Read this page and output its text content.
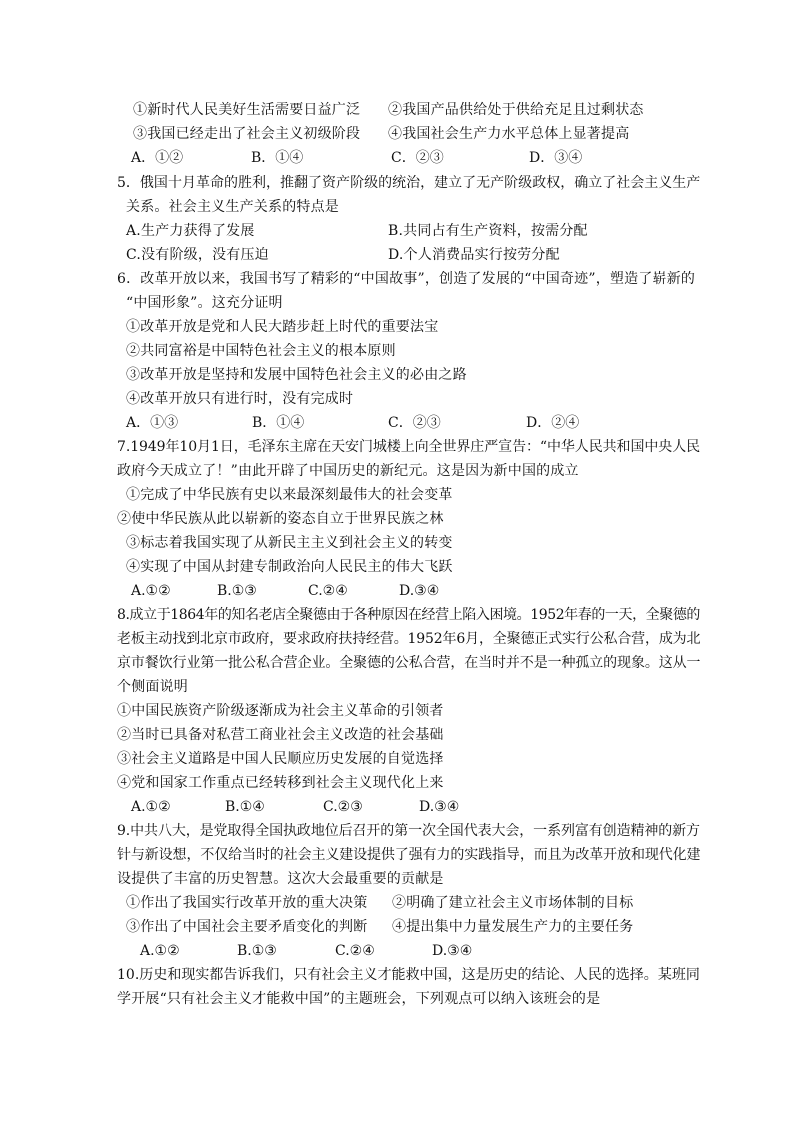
①新时代人民美好生活需要日益广泛 ②我国产品供给处于供给充足且过剩状态
③我国已经走出了社会主义初级阶段 ④我国社会生产力水平总体上显著提高
A．①②	B．①④	C．②③	D．③④
5．俄国十月革命的胜利，推翻了资产阶级的统治，建立了无产阶级政权，确立了社会主义生产
关系。社会主义生产关系的特点是
A.生产力获得了发展	B.共同占有生产资料，按需分配
C.没有阶级，没有压迫	D.个人消费品实行按劳分配
6．改革开放以来，我国书写了精彩的“中国故事”，创造了发展的“中国奇迹”，塑造了崭新的
“中国形象”。这充分证明
①改革开放是党和人民大踏步赶上时代的重要法宝
②共同富裕是中国特色社会主义的根本原则
③改革开放是坚持和发展中国特色社会主义的必由之路
④改革开放只有进行时，没有完成时
A．①③	B．①④	C．②③	D．②④
7.1949年10月1日，毛泽东主席在天安门城楼上向全世界庄严宣告：“中华人民共和国中央人民
政府今天成立了！”由此开辟了中国历史的新纪元。这是因为新中国的成立
①完成了中华民族有史以来最深刻最伟大的社会变革
②使中华民族从此以崭新的姿态自立于世界民族之林
③标志着我国实现了从新民主主义到社会主义的转变
④实现了中国从封建专制政治向人民民主的伟大飞跃
A.①②	B.①③	C.②④	D.③④
8.成立于1864年的知名老店全聚德由于各种原因在经营上陷入困境。1952年春的一天，全聚德的
老板主动找到北京市政府，要求政府扶持经营。1952年6月，全聚德正式实行公私合营，成为北
京市餐饮行业第一批公私合营企业。全聚德的公私合营，在当时并不是一种孤立的现象。这从一
个侧面说明
①中国民族资产阶级逐渐成为社会主义革命的引领者
②当时已具备对私营工商业社会主义改造的社会基础
③社会主义道路是中国人民顺应历史发展的自觉选择
④党和国家工作重点已经转移到社会主义现代化上来
A.①②	B.①④	C.②③	D.③④
9.中共八大，是党取得全国执政地位后召开的第一次全国代表大会，一系列富有创造精神的新方
针与新设想，不仅给当时的社会主义建设提供了强有力的实践指导，而且为改革开放和现代化建
设提供了丰富的历史智慧。这次大会最重要的贡献是
①作出了我国实行改革开放的重大决策 ②明确了建立社会主义市场体制的目标
③作出了中国社会主要矛盾变化的判断 ④提出集中力量发展生产力的主要任务
A.①②	B.①③	C.②④	D.③④
10.历史和现实都告诉我们，只有社会主义才能救中国，这是历史的结论、人民的选择。某班同
学开展“只有社会主义才能救中国”的主题班会，下列观点可以纳入该班会的是
